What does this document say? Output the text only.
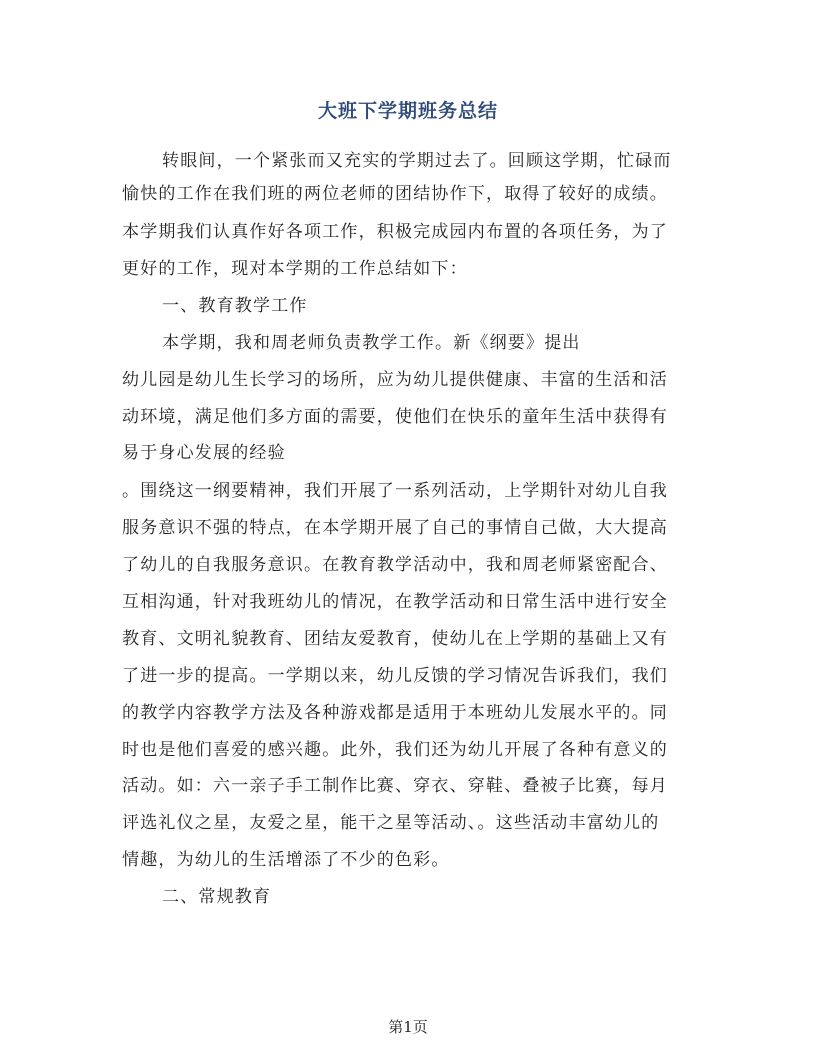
大班下学期班务总结
转眼间，一个紧张而又充实的学期过去了。回顾这学期，忙碌而
愉快的工作在我们班的两位老师的团结协作下，取得了较好的成绩。
本学期我们认真作好各项工作，积极完成园内布置的各项任务，为了
更好的工作，现对本学期的工作总结如下：
一、教育教学工作
本学期，我和周老师负责教学工作。新《纲要》提出
幼儿园是幼儿生长学习的场所，应为幼儿提供健康、丰富的生活和活
动环境，满足他们多方面的需要，使他们在快乐的童年生活中获得有
易于身心发展的经验
。围绕这一纲要精神，我们开展了一系列活动，上学期针对幼儿自我
服务意识不强的特点，在本学期开展了自己的事情自己做，大大提高
了幼儿的自我服务意识。在教育教学活动中，我和周老师紧密配合、
互相沟通，针对我班幼儿的情况，在教学活动和日常生活中进行安全
教育、文明礼貌教育、团结友爱教育，使幼儿在上学期的基础上又有
了进一步的提高。一学期以来，幼儿反馈的学习情况告诉我们，我们
的教学内容教学方法及各种游戏都是适用于本班幼儿发展水平的。同
时也是他们喜爱的感兴趣。此外，我们还为幼儿开展了各种有意义的
活动。如：六一亲子手工制作比赛、穿衣、穿鞋、叠被子比赛，每月
评选礼仪之星，友爱之星，能干之星等活动、。这些活动丰富幼儿的
情趣，为幼儿的生活增添了不少的色彩。
二、常规教育
第1页
